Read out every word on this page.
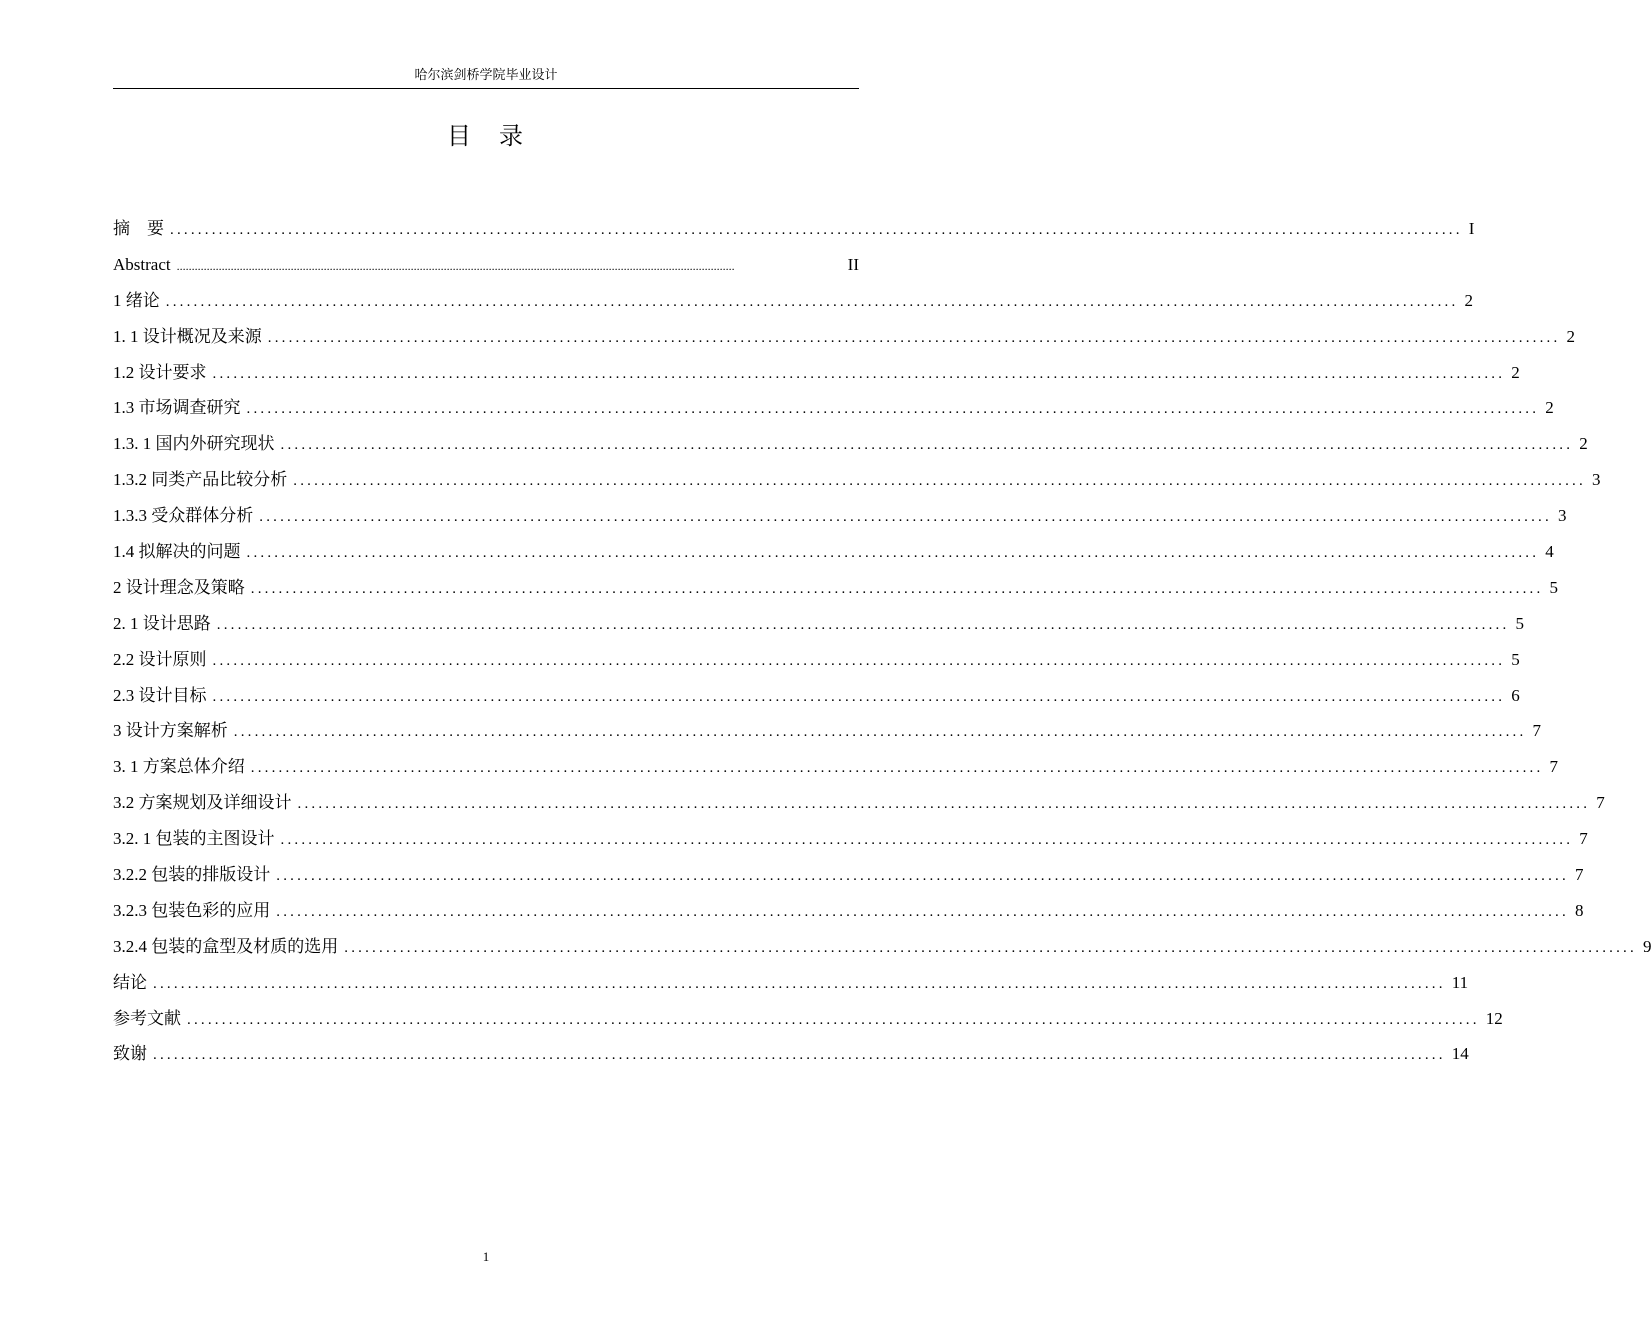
哈尔滨剑桥学院毕业设计
目　录
摘　要 .......................................................................................................................................................................................... I
Abstract ..........................................................................................................................................................................................	II
1 绪论 .......................................................................................................................................................................................... 2
1. 1 设计概况及来源 .......................................................................................................................................................................................... 2
1.2 设计要求 .......................................................................................................................................................................................... 2
1.3 市场调查研究 .......................................................................................................................................................................................... 2
1.3. 1 国内外研究现状 .......................................................................................................................................................................................... 2
1.3.2 同类产品比较分析 .......................................................................................................................................................................................... 3
1.3.3 受众群体分析 .......................................................................................................................................................................................... 3
1.4 拟解决的问题 .......................................................................................................................................................................................... 4
2 设计理念及策略 .......................................................................................................................................................................................... 5
2. 1 设计思路 .......................................................................................................................................................................................... 5
2.2 设计原则 .......................................................................................................................................................................................... 5
2.3 设计目标 .......................................................................................................................................................................................... 6
3 设计方案解析 .......................................................................................................................................................................................... 7
3. 1 方案总体介绍 .......................................................................................................................................................................................... 7
3.2 方案规划及详细设计 .......................................................................................................................................................................................... 7
3.2. 1 包装的主图设计 .......................................................................................................................................................................................... 7
3.2.2 包装的排版设计 .......................................................................................................................................................................................... 7
3.2.3 包装色彩的应用 .......................................................................................................................................................................................... 8
3.2.4 包装的盒型及材质的选用 .......................................................................................................................................................................................... 9
结论 .......................................................................................................................................................................................... 11
参考文献 .......................................................................................................................................................................................... 12
致谢 .......................................................................................................................................................................................... 14
1
